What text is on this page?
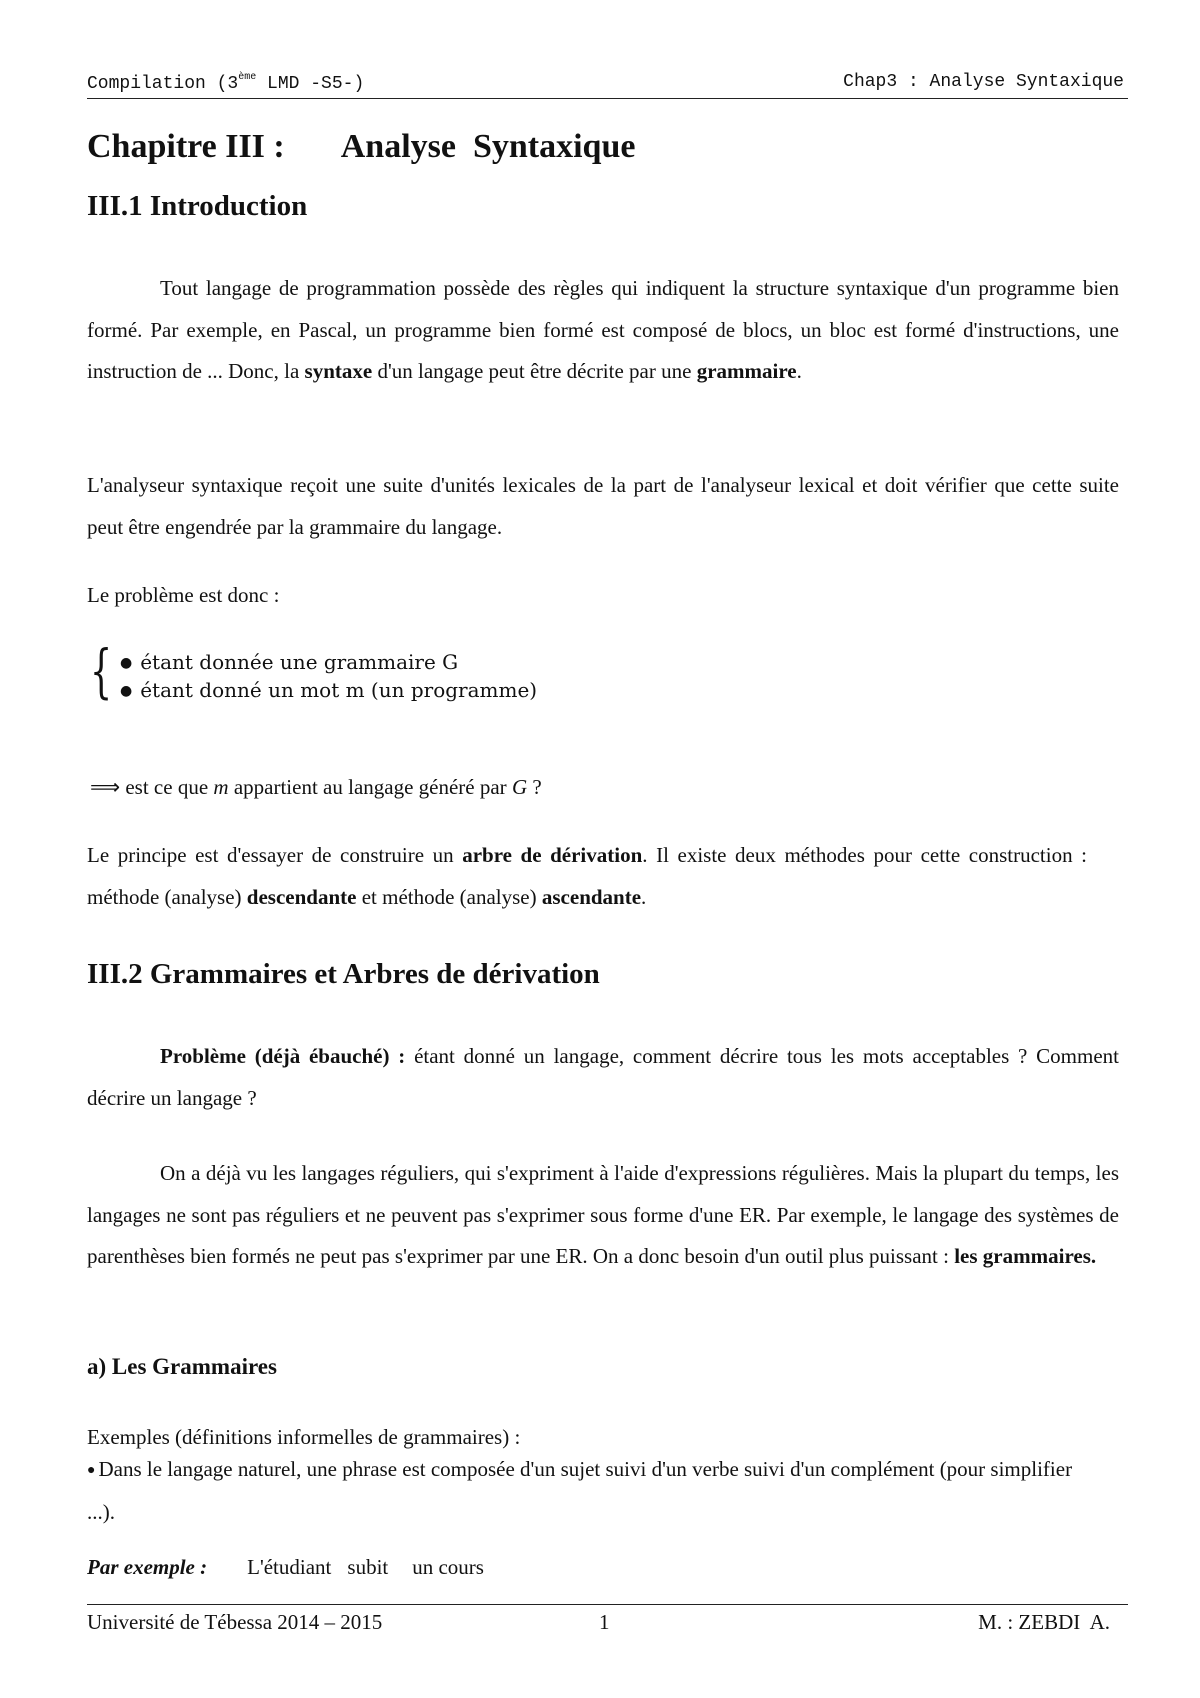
Compilation (3ème LMD -S5-)	Chap3 : Analyse Syntaxique
Chapitre III : Analyse  Syntaxique
III.1 Introduction
Tout langage de programmation possède des règles qui indiquent la structure syntaxique d'un programme bien formé. Par exemple, en Pascal, un programme bien formé est composé de blocs, un bloc est formé d'instructions, une instruction de ... Donc, la syntaxe d'un langage peut être décrite par une grammaire.
L'analyseur syntaxique reçoit une suite d'unités lexicales de la part de l'analyseur lexical et doit vérifier que cette suite peut être engendrée par la grammaire du langage.
Le problème est donc :
{ ● étant donnée une grammaire G
● étant donné un mot m (un programme)
⟹ est ce que m appartient au langage généré par G ?
Le principe est d'essayer de construire un arbre de dérivation. Il existe deux méthodes pour cette construction : méthode (analyse) descendante et méthode (analyse) ascendante.
III.2 Grammaires et Arbres de dérivation
Problème (déjà ébauché) : étant donné un langage, comment décrire tous les mots acceptables ? Comment décrire un langage ?
On a déjà vu les langages réguliers, qui s'expriment à l'aide d'expressions régulières. Mais la plupart du temps, les langages ne sont pas réguliers et ne peuvent pas s'exprimer sous forme d'une ER. Par exemple, le langage des systèmes de parenthèses bien formés ne peut pas s'exprimer par une ER. On a donc besoin d'un outil plus puissant : les grammaires.
a) Les Grammaires
Exemples (définitions informelles de grammaires) :
● Dans le langage naturel, une phrase est composée d'un sujet suivi d'un verbe suivi d'un complément (pour simplifier ...).
Par exemple : L'étudiant subit un cours
Université de Tébessa 2014 – 2015	1	M. : ZEBDI  A.
